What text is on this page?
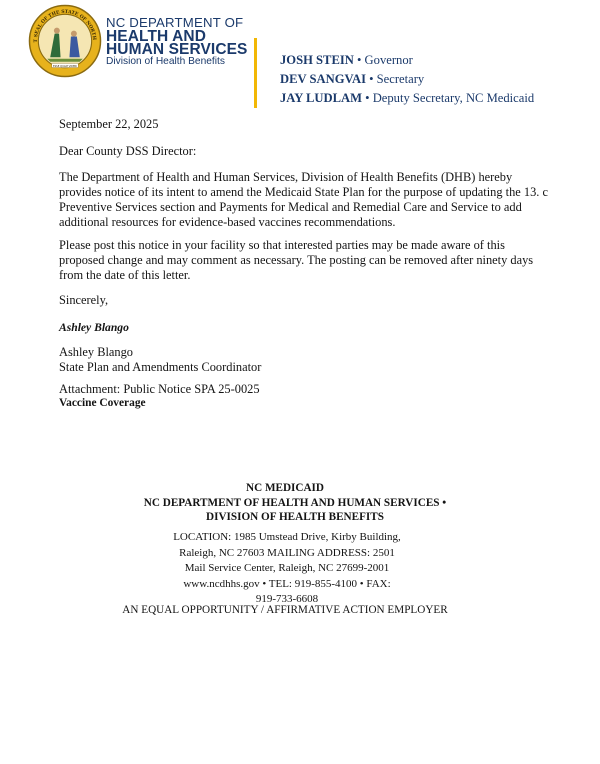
T SEAL OF THE STATE OF NORTH
ESSE QUAM VIDERI
NC DEPARTMENT OF
HEALTH AND
HUMAN SERVICES
Division of Health Benefits	JOSH STEIN • Governor
DEV SANGVAI • Secretary
JAY LUDLAM • Deputy Secretary, NC Medicaid
September 22, 2025
Dear County DSS Director:
The Department of Health and Human Services, Division of Health Benefits (DHB) hereby
provides notice of its intent to amend the Medicaid State Plan for the purpose of updating the 13. c
Preventive Services section and Payments for Medical and Remedial Care and Service to add
additional resources for evidence-based vaccines recommendations.
Please post this notice in your facility so that interested parties may be made aware of this
proposed change and may comment as necessary. The posting can be removed after ninety days
from the date of this letter.
Sincerely,
Ashley Blango
Ashley Blango
State Plan and Amendments Coordinator
Attachment: Public Notice SPA 25-0025
Vaccine Coverage
NC MEDICAID
NC DEPARTMENT OF HEALTH AND HUMAN SERVICES •
DIVISION OF HEALTH BENEFITS
LOCATION: 1985 Umstead Drive, Kirby Building,
Raleigh, NC 27603 MAILING ADDRESS: 2501
Mail Service Center, Raleigh, NC 27699-2001
www.ncdhhs.gov • TEL: 919-855-4100 • FAX:
919-733-6608
AN EQUAL OPPORTUNITY / AFFIRMATIVE ACTION EMPLOYER
